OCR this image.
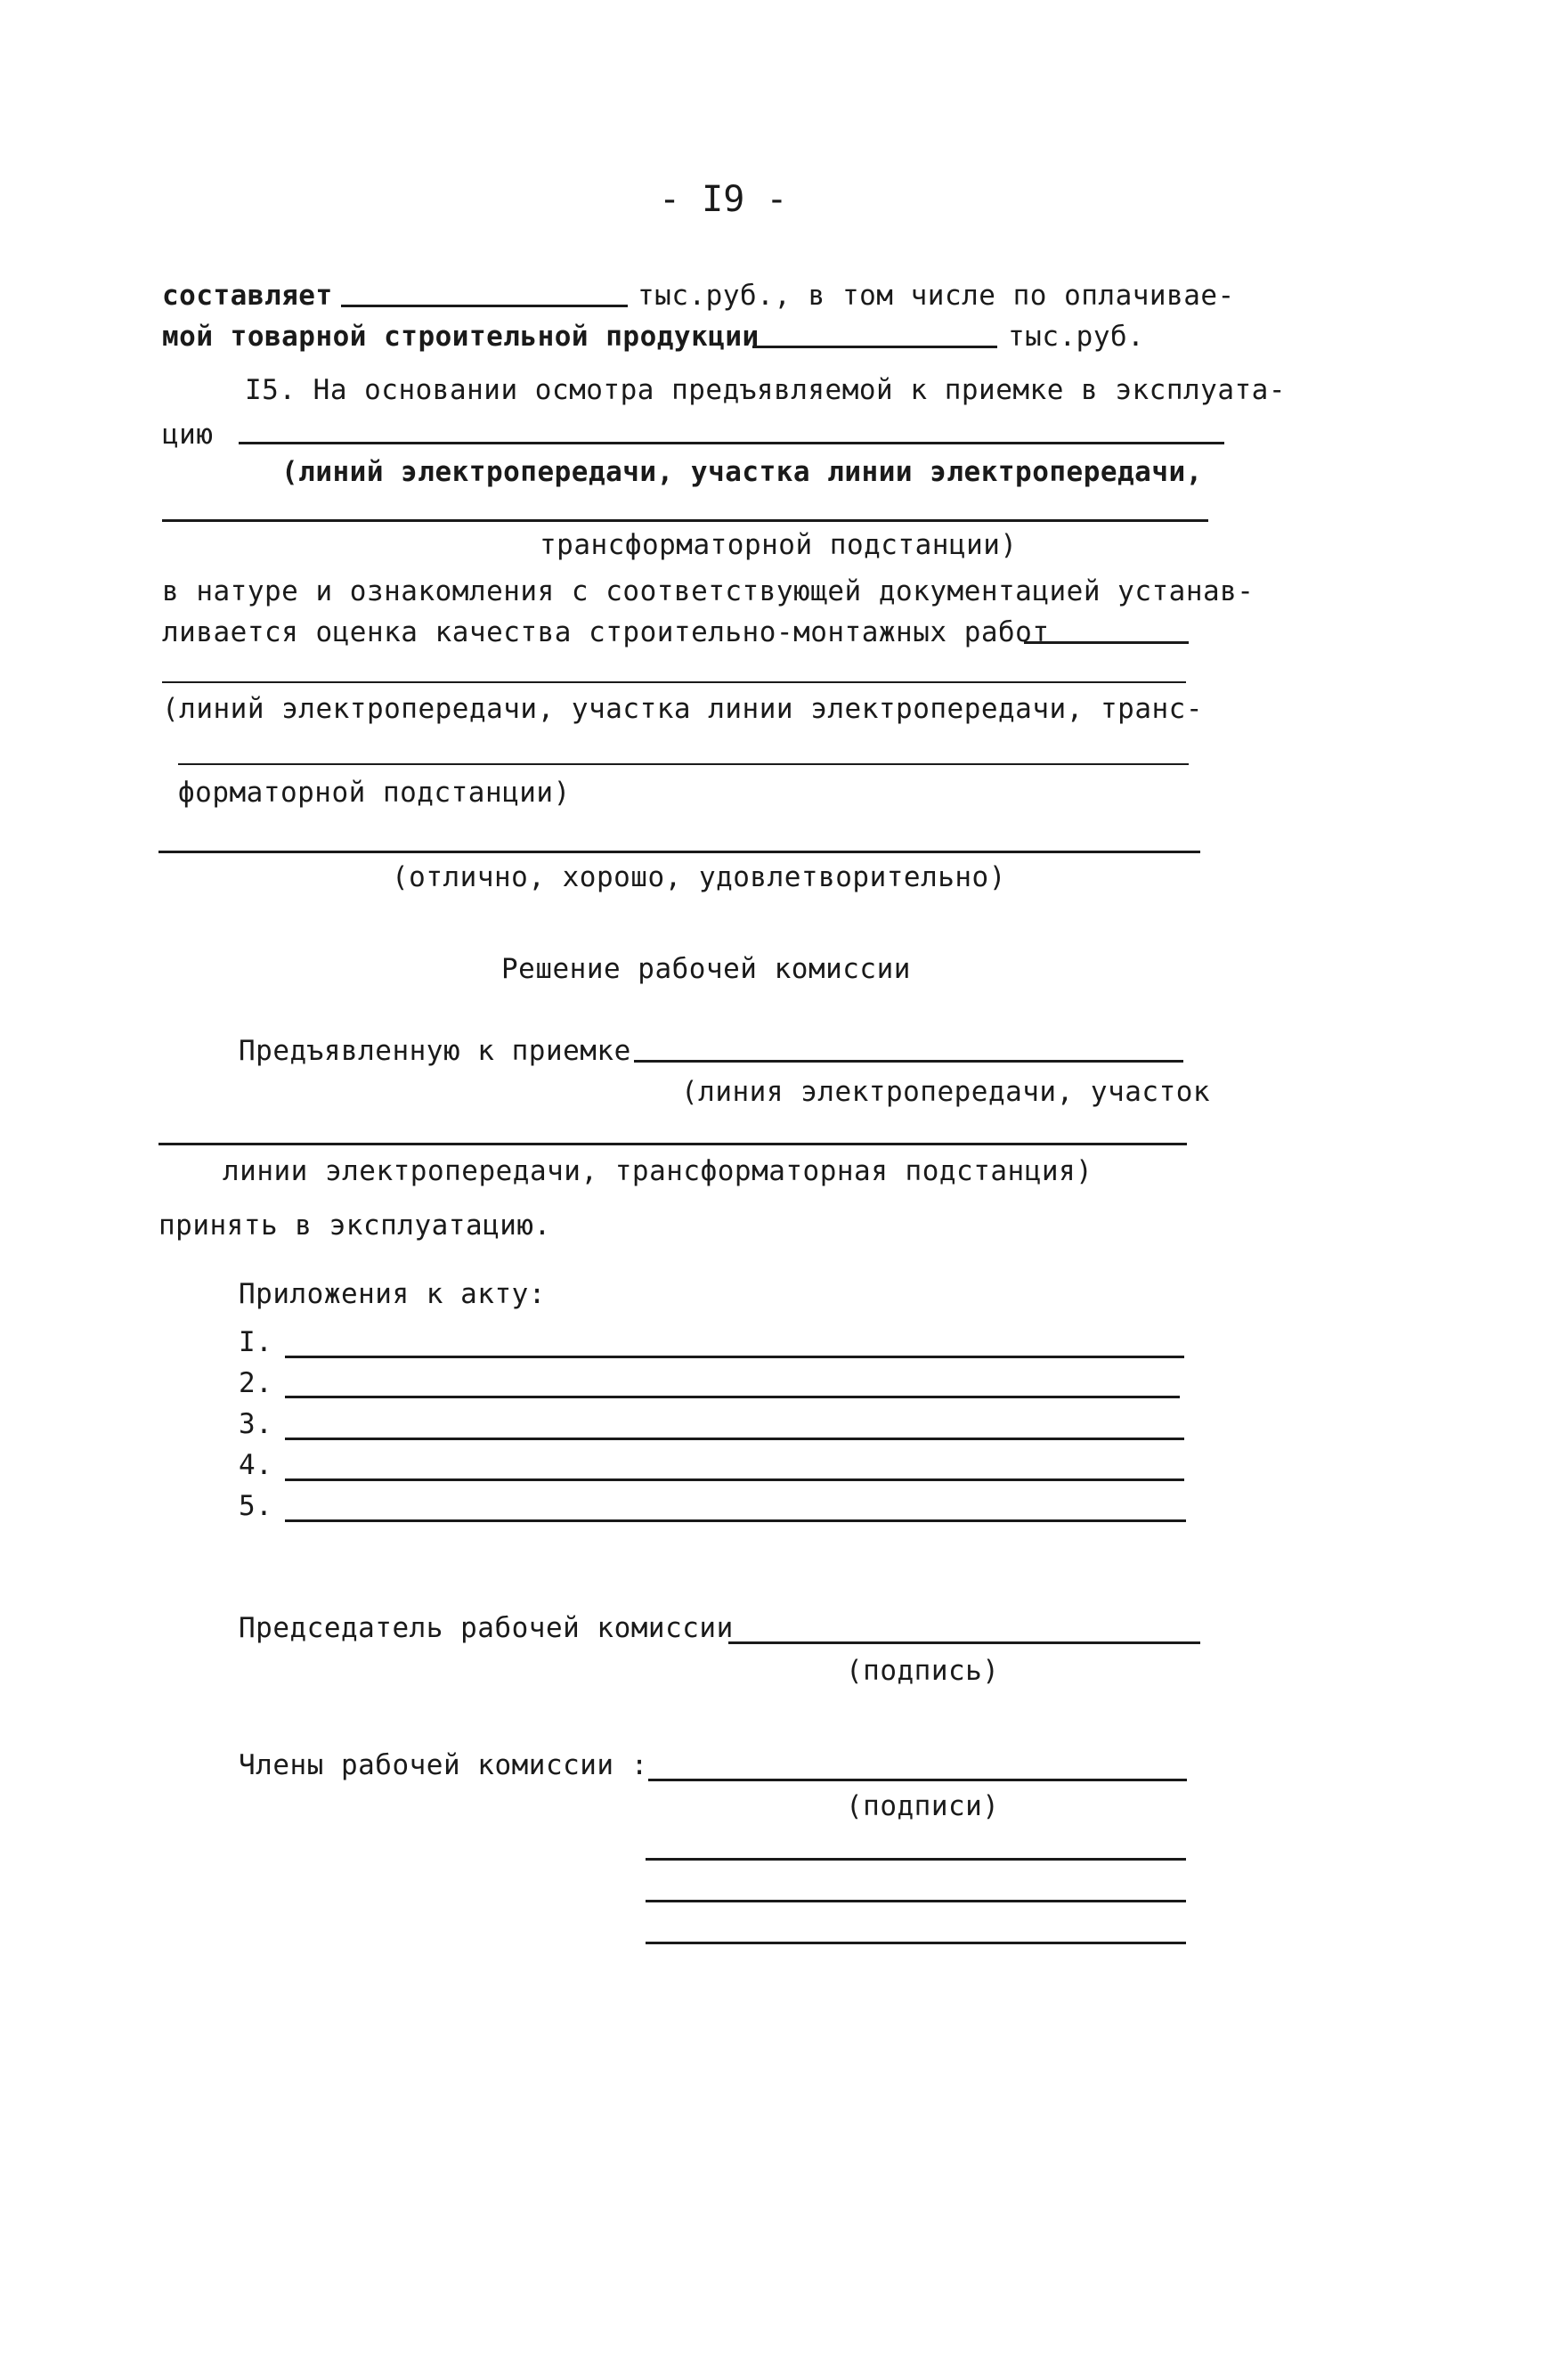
- I9 -
составляет	тыс.руб., в том числе по оплачивае-
мой товарной строительной продукции	тыс.руб.
I5. На основании осмотра предъявляемой к приемке в эксплуата-
цию
(линий электропередачи, участка линии электропередачи,
трансформаторной подстанции)
в натуре и ознакомления с соответствующей документацией устанав-
ливается оценка качества строительно-монтажных работ
(линий электропередачи, участка линии электропередачи, транс-
форматорной подстанции)
(отлично, хорошо, удовлетворительно)
Решение рабочей комиссии
Предъявленную к приемке
(линия электропередачи, участок
линии электропередачи, трансформаторная подстанция)
принять в эксплуатацию.
Приложения к акту:
I.
2.
3.
4.
5.
Председатель рабочей комиссии
(подпись)
Члены рабочей комиссии :
(подписи)
